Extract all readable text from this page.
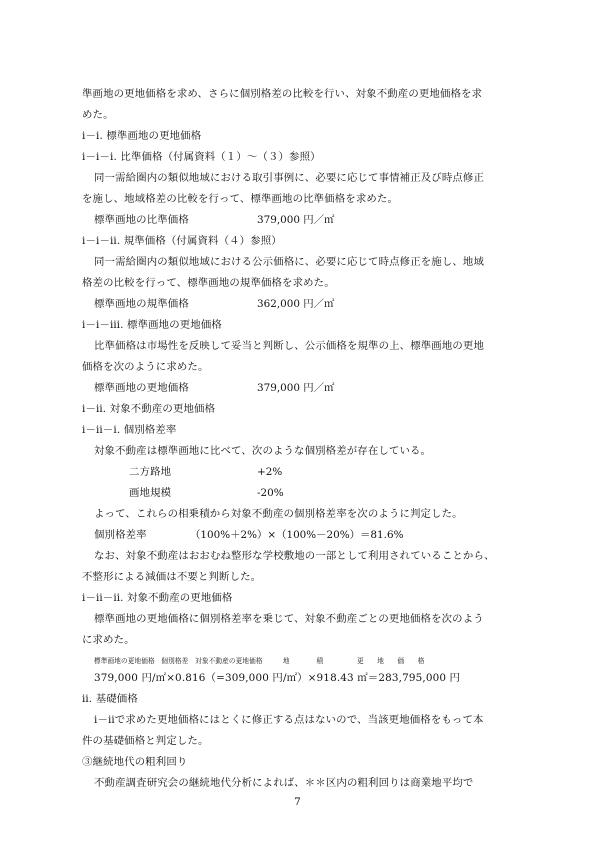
準画地の更地価格を求め、さらに個別格差の比較を行い、対象不動産の更地価格を求
めた。
ⅰ－ⅰ. 標準画地の更地価格
ⅰ－ⅰ－ⅰ. 比準価格（付属資料（１）～（３）参照）
同一需給圏内の類似地域における取引事例に、必要に応じて事情補正及び時点修正
を施し、地域格差の比較を行って、標準画地の比準価格を求めた。
標準画地の比準価格	379,000 円／㎡
ⅰ－ⅰ－ⅱ. 規準価格（付属資料（４）参照）
同一需給圏内の類似地域における公示価格に、必要に応じて時点修正を施し、地域
格差の比較を行って、標準画地の規準価格を求めた。
標準画地の規準価格	362,000 円／㎡
ⅰ－ⅰ－ⅲ. 標準画地の更地価格
比準価格は市場性を反映して妥当と判断し、公示価格を規準の上、標準画地の更地
価格を次のように求めた。
標準画地の更地価格	379,000 円／㎡
ⅰ－ⅱ. 対象不動産の更地価格
ⅰ－ⅱ－ⅰ. 個別格差率
対象不動産は標準画地に比べて、次のような個別格差が存在している。
二方路地	+2%
画地規模	-20%
よって、これらの相乗積から対象不動産の個別格差率を次のように判定した。
個別格差率	（100%＋2%）×（100%－20%）＝81.6%
なお、対象不動産はおおむね整形な学校敷地の一部として利用されていることから、
不整形による減価は不要と判断した。
ⅰ－ⅱ－ⅱ. 対象不動産の更地価格
標準画地の更地価格に個別格差率を乗じて、対象不動産ごとの更地価格を次のよう
に求めた。
標準画地の更地価格　個別格差　対象不動産の更地価格　　　地　　　　積　　　　　更　　地　　価　　格
379,000 円/㎡×0.816（=309,000 円/㎡）×918.43 ㎡＝283,795,000 円
ⅱ. 基礎価格
ⅰ－ⅱで求めた更地価格にはとくに修正する点はないので、当該更地価格をもって本
件の基礎価格と判定した。
③継続地代の粗利回り
不動産調査研究会の継続地代分析によれば、＊＊区内の粗利回りは商業地平均で
7
